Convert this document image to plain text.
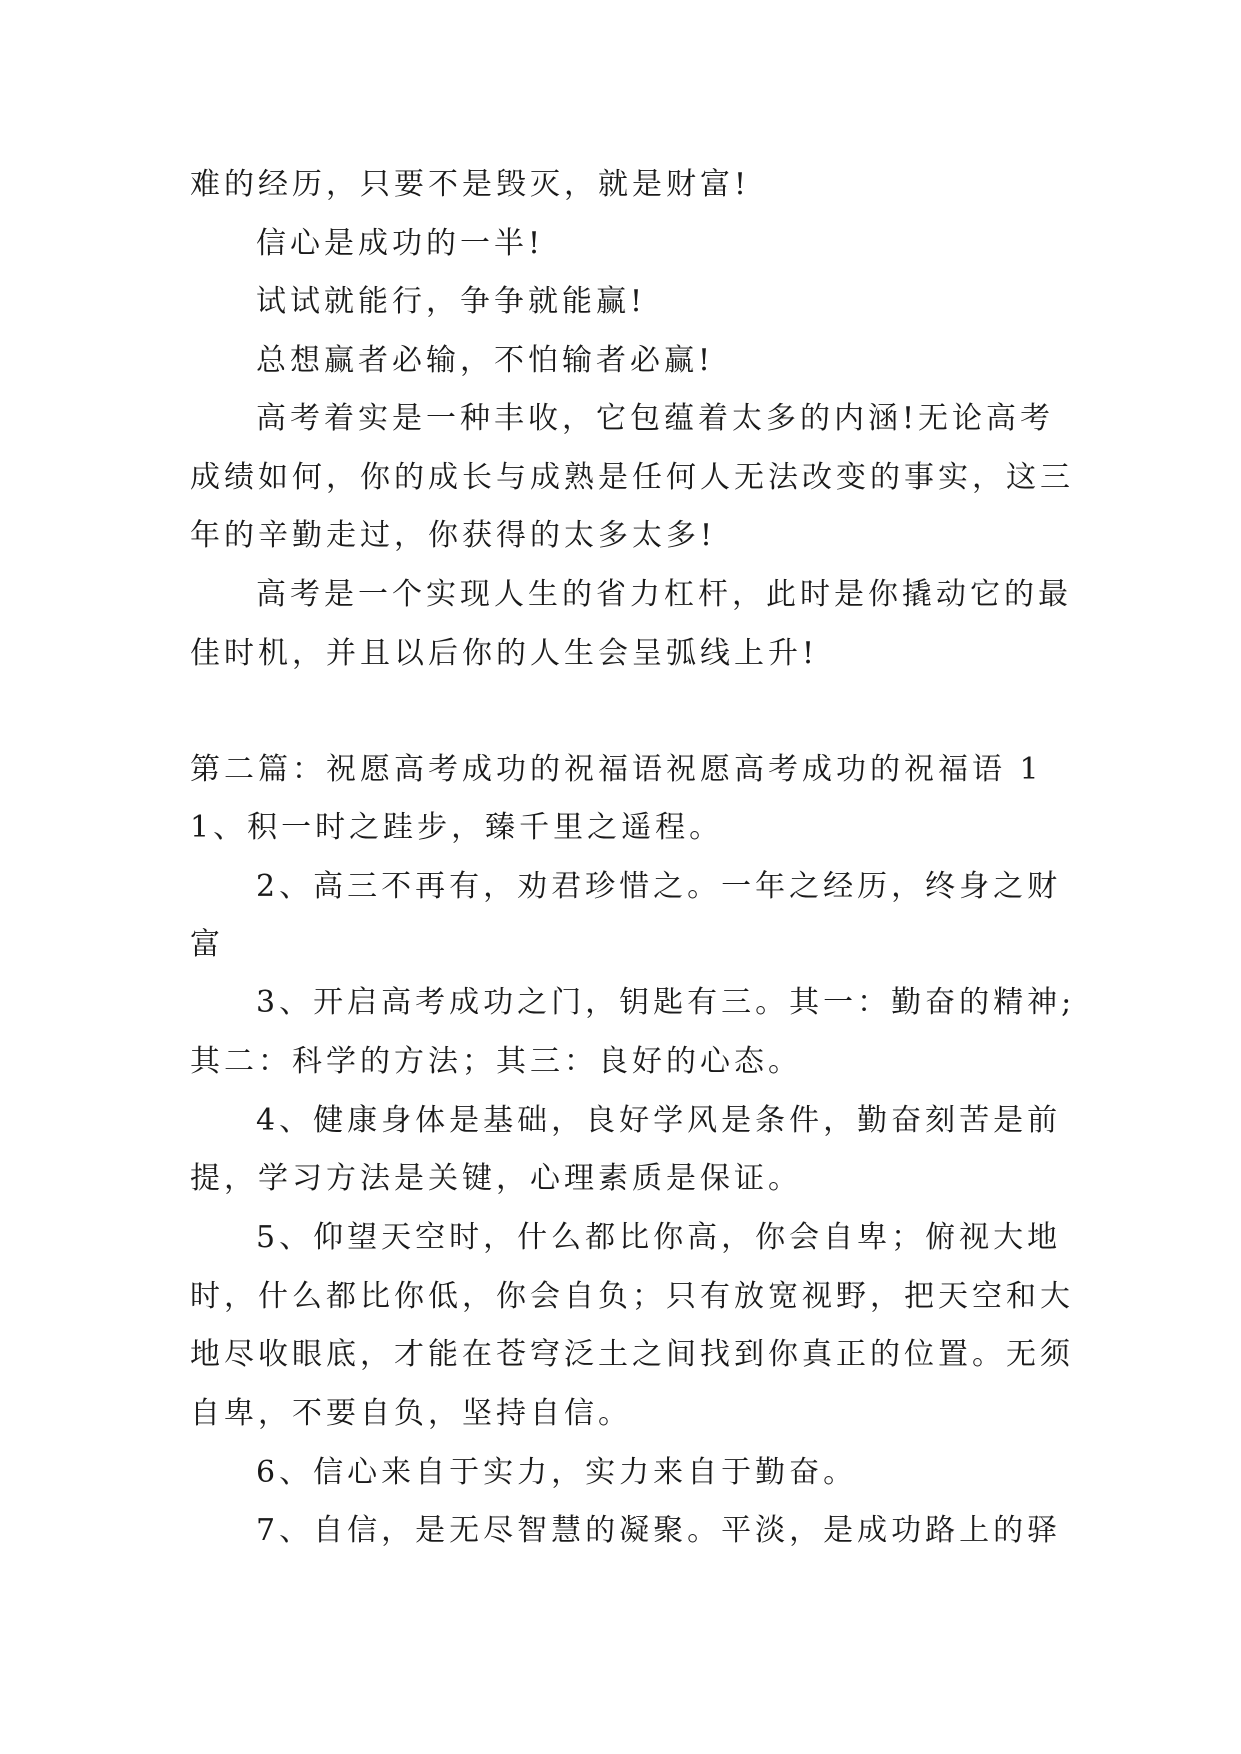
难的经历，只要不是毁灭，就是财富!
信心是成功的一半!
试试就能行，争争就能赢!
总想赢者必输，不怕输者必赢!
高考着实是一种丰收，它包蕴着太多的内涵!无论高考
成绩如何，你的成长与成熟是任何人无法改变的事实，这三
年的辛勤走过，你获得的太多太多!
高考是一个实现人生的省力杠杆，此时是你撬动它的最
佳时机，并且以后你的人生会呈弧线上升!
第二篇：祝愿高考成功的祝福语祝愿高考成功的祝福语 1
1、积一时之跬步，臻千里之遥程。
2、高三不再有，劝君珍惜之。一年之经历，终身之财
富
3、开启高考成功之门，钥匙有三。其一：勤奋的精神;
其二：科学的方法；其三：良好的心态。
4、健康身体是基础，良好学风是条件，勤奋刻苦是前
提，学习方法是关键，心理素质是保证。
5、仰望天空时，什么都比你高，你会自卑；俯视大地
时，什么都比你低，你会自负；只有放宽视野，把天空和大
地尽收眼底，才能在苍穹泛土之间找到你真正的位置。无须
自卑，不要自负，坚持自信。
6、信心来自于实力，实力来自于勤奋。
7、自信，是无尽智慧的凝聚。平淡，是成功路上的驿
